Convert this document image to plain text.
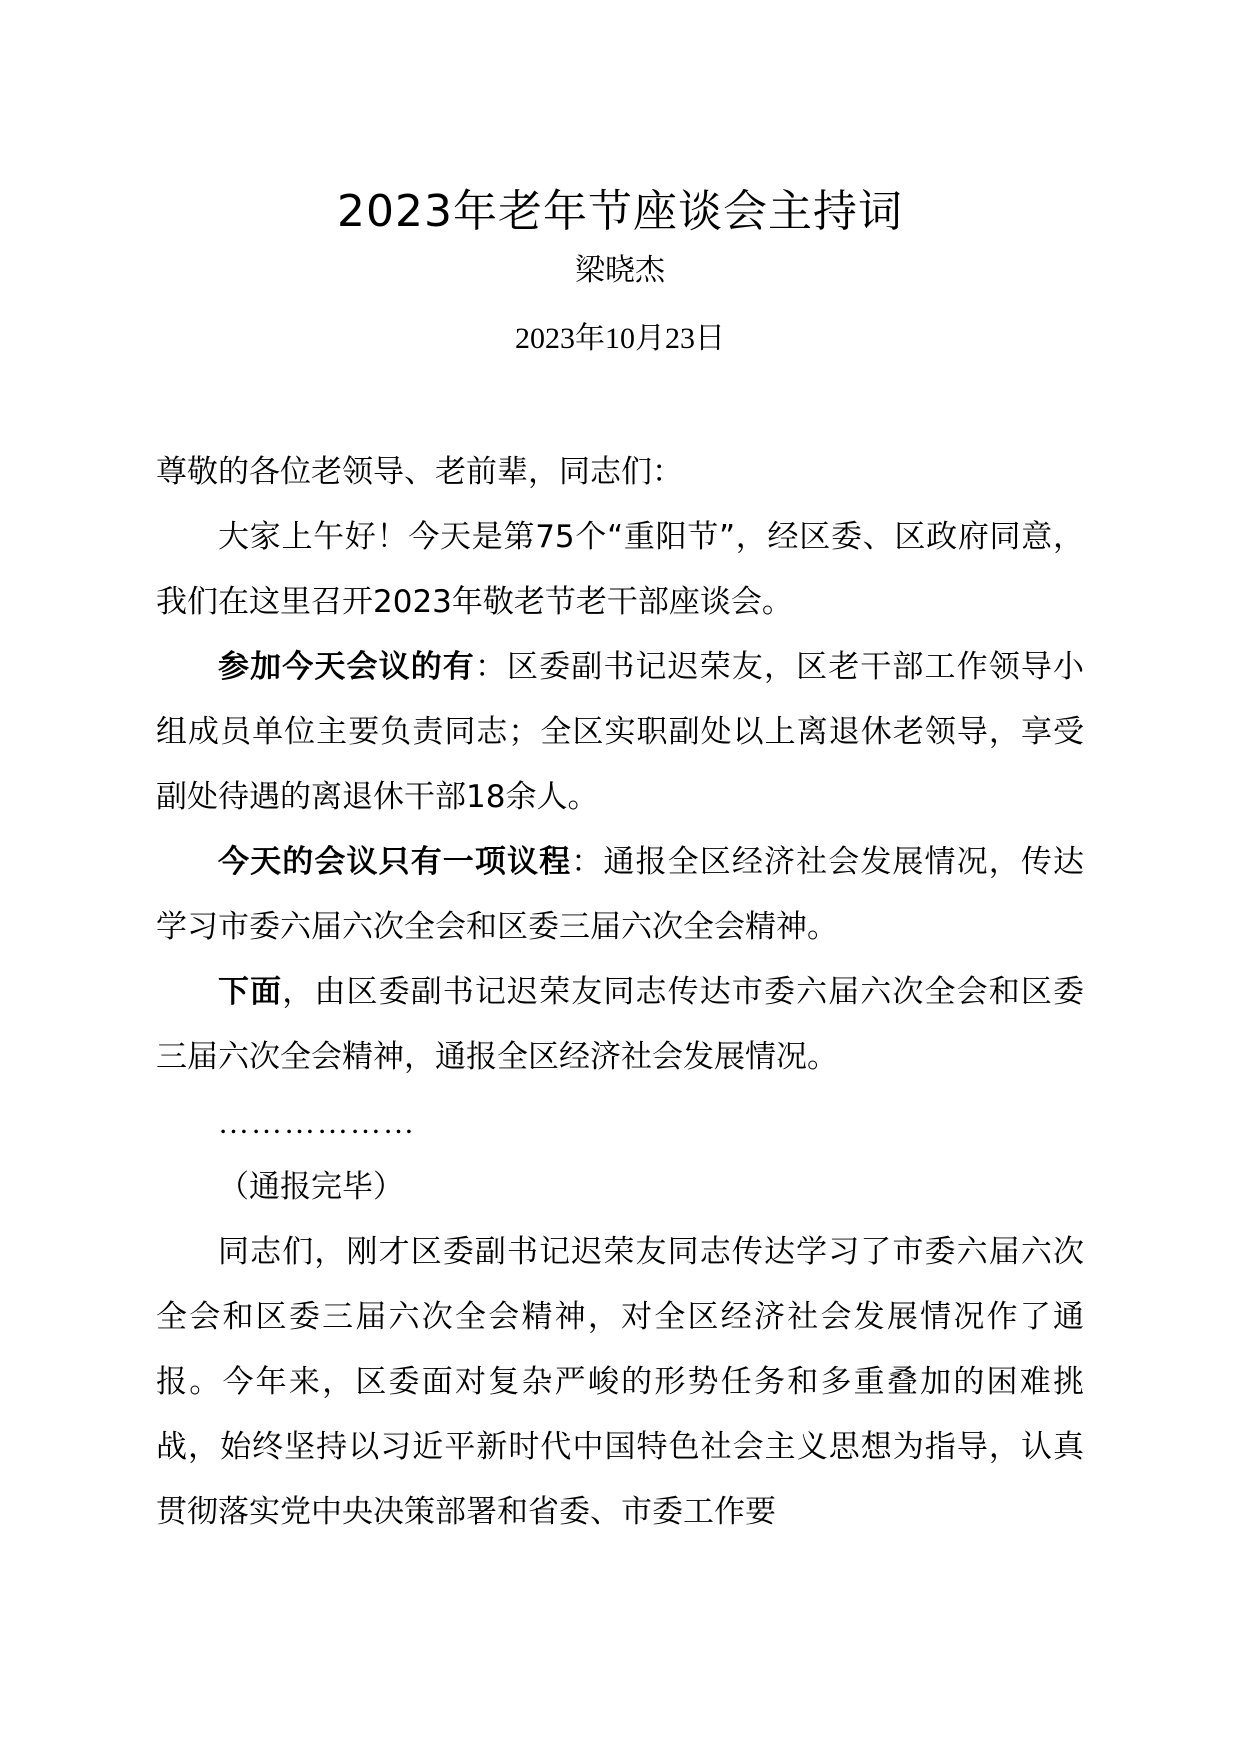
2023年老年节座谈会主持词
梁晓杰
2023年10月23日

尊敬的各位老领导、老前辈，同志们：

大家上午好！今天是第75个“重阳节”，经区委、区政府同意，我们在这里召开2023年敬老节老干部座谈会。

参加今天会议的有：区委副书记迟荣友，区老干部工作领导小组成员单位主要负责同志；全区实职副处以上离退休老领导，享受副处待遇的离退休干部18余人。

今天的会议只有一项议程：通报全区经济社会发展情况，传达学习市委六届六次全会和区委三届六次全会精神。

下面，由区委副书记迟荣友同志传达市委六届六次全会和区委三届六次全会精神，通报全区经济社会发展情况。

………………

（通报完毕）

同志们，刚才区委副书记迟荣友同志传达学习了市委六届六次全会和区委三届六次全会精神，对全区经济社会发展情况作了通报。今年来，区委面对复杂严峻的形势任务和多重叠加的困难挑战，始终坚持以习近平新时代中国特色社会主义思想为指导，认真贯彻落实党中央决策部署和省委、市委工作要
